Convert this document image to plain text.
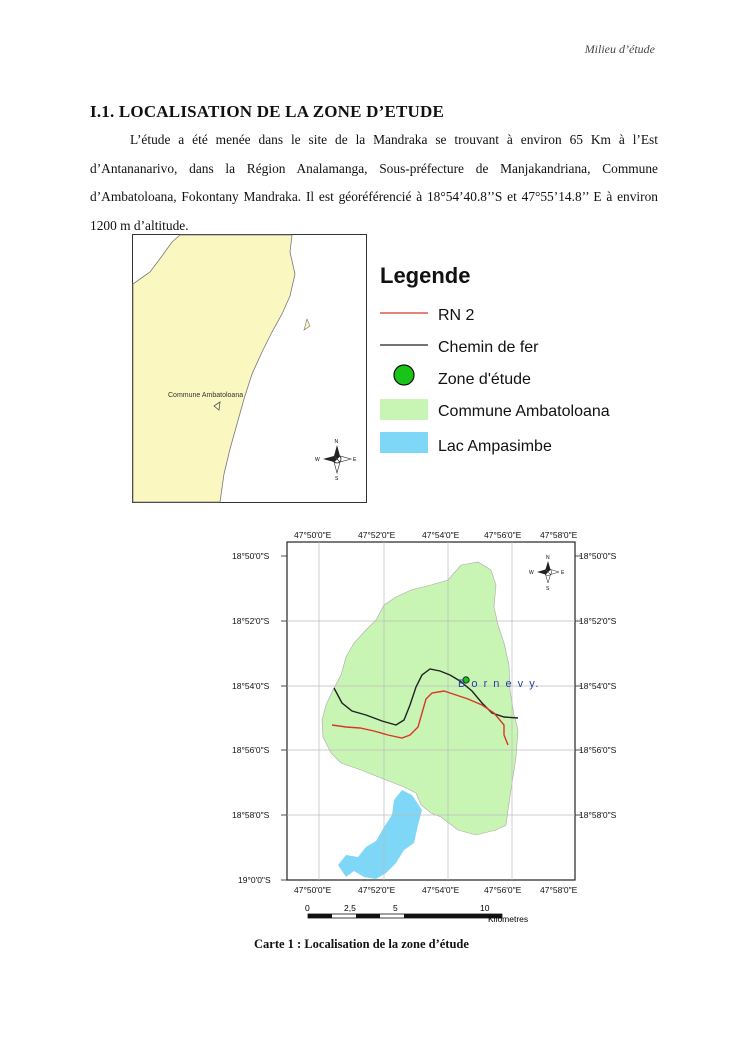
Milieu d’étude
I.1. LOCALISATION DE LA ZONE D’ETUDE

L’étude a été menée dans le site de la Mandraka se trouvant à environ 65 Km à l’Est d’Antananarivo, dans la Région Analamanga, Sous-préfecture de Manjakandriana, Commune d’Ambatoloana, Fokontany Mandraka. Il est géoréférencié à 18°54’40.8’’S et 47°55’14.8’’ E à environ 1200 m d’altitude.

Commune Ambatoloana
N
S
E
W
Legende
RN 2
Chemin de fer
Zone d'étude
Commune Ambatoloana
Lac Ampasimbe
B o r n e v y.
N
S
E
W
47°50'0"E	47°52'0"E	47°54'0"E	47°56'0"E 47°58'0"E
47°50'0"E	47°52'0"E	47°54'0"E	47°56'0"E 47°58'0"E
18°50'0"S
18°52'0"S
18°54'0"S
18°56'0"S
18°58'0"S
19°0'0"S
18°50'0"S
18°52'0"S
18°54'0"S
18°56'0"S
18°58'0"S
0	2,5	5	10
Kilometres
Carte 1 : Localisation de la zone d’étude
